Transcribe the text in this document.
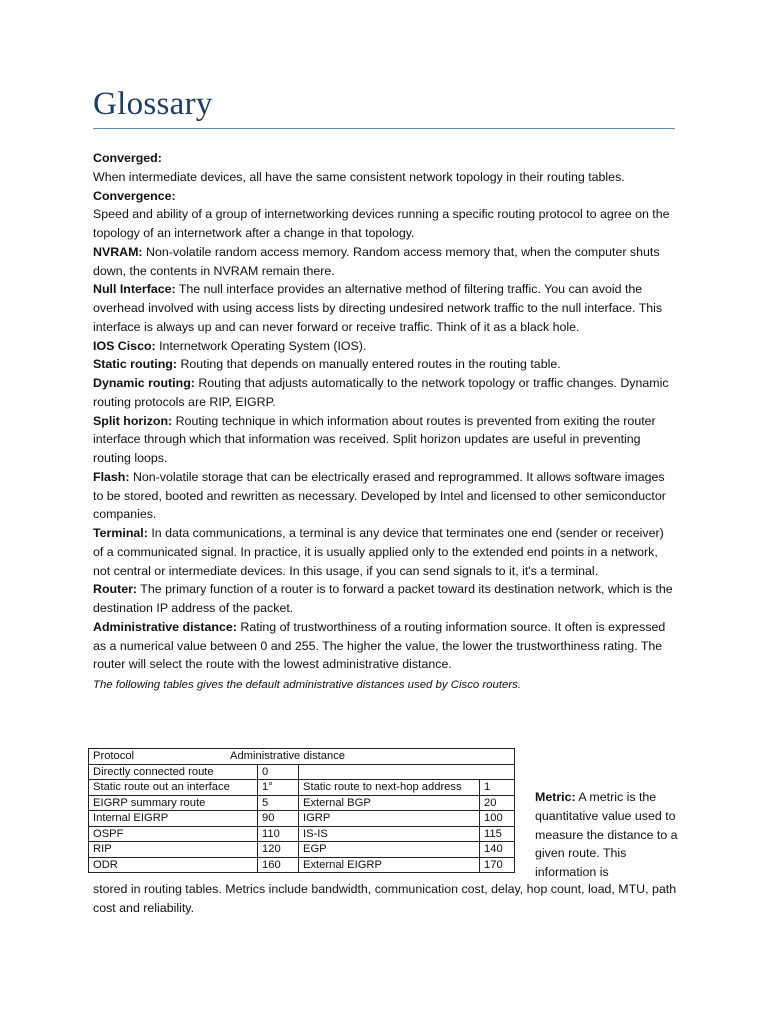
Glossary

Converged:
When intermediate devices, all have the same consistent network topology in their routing tables.

Convergence:
Speed and ability of a group of internetworking devices running a specific routing protocol to agree on the topology of an internetwork after a change in that topology.

NVRAM: Non-volatile random access memory. Random access memory that, when the computer shuts down, the contents in NVRAM remain there.

Null Interface: The null interface provides an alternative method of filtering traffic. You can avoid the overhead involved with using access lists by directing undesired network traffic to the null interface. This interface is always up and can never forward or receive traffic. Think of it as a black hole.

IOS Cisco: Internetwork Operating System (IOS).

Static routing: Routing that depends on manually entered routes in the routing table.

Dynamic routing: Routing that adjusts automatically to the network topology or traffic changes. Dynamic routing protocols are RIP, EIGRP.

Split horizon: Routing technique in which information about routes is prevented from exiting the router interface through which that information was received. Split horizon updates are useful in preventing routing loops.

Flash: Non-volatile storage that can be electrically erased and reprogrammed. It allows software images to be stored, booted and rewritten as necessary. Developed by Intel and licensed to other semiconductor companies.

Terminal: In data communications, a terminal is any device that terminates one end (sender or receiver) of a communicated signal. In practice, it is usually applied only to the extended end points in a network, not central or intermediate devices. In this usage, if you can send signals to it, it's a terminal.

Router: The primary function of a router is to forward a packet toward its destination network, which is the destination IP address of the packet.

Administrative distance: Rating of trustworthiness of a routing information source. It often is expressed as a numerical value between 0 and 255. The higher the value, the lower the trustworthiness rating. The router will select the route with the lowest administrative distance.

The following tables gives the default administrative distances used by Cisco routers.

Protocol Administrative distance			
Directly connected route	0		
Static route out an interface	1°	Static route to next-hop address	1
EIGRP summary route	5	External BGP	20
Internal EIGRP	90	IGRP	100
OSPF	110	IS-IS	115
RIP	120	EGP	140
ODR	160	External EIGRP	170

Metric: A metric is the quantitative value used to measure the distance to a given route. This information is

stored in routing tables. Metrics include bandwidth, communication cost, delay, hop count, load, MTU, path cost and reliability.
